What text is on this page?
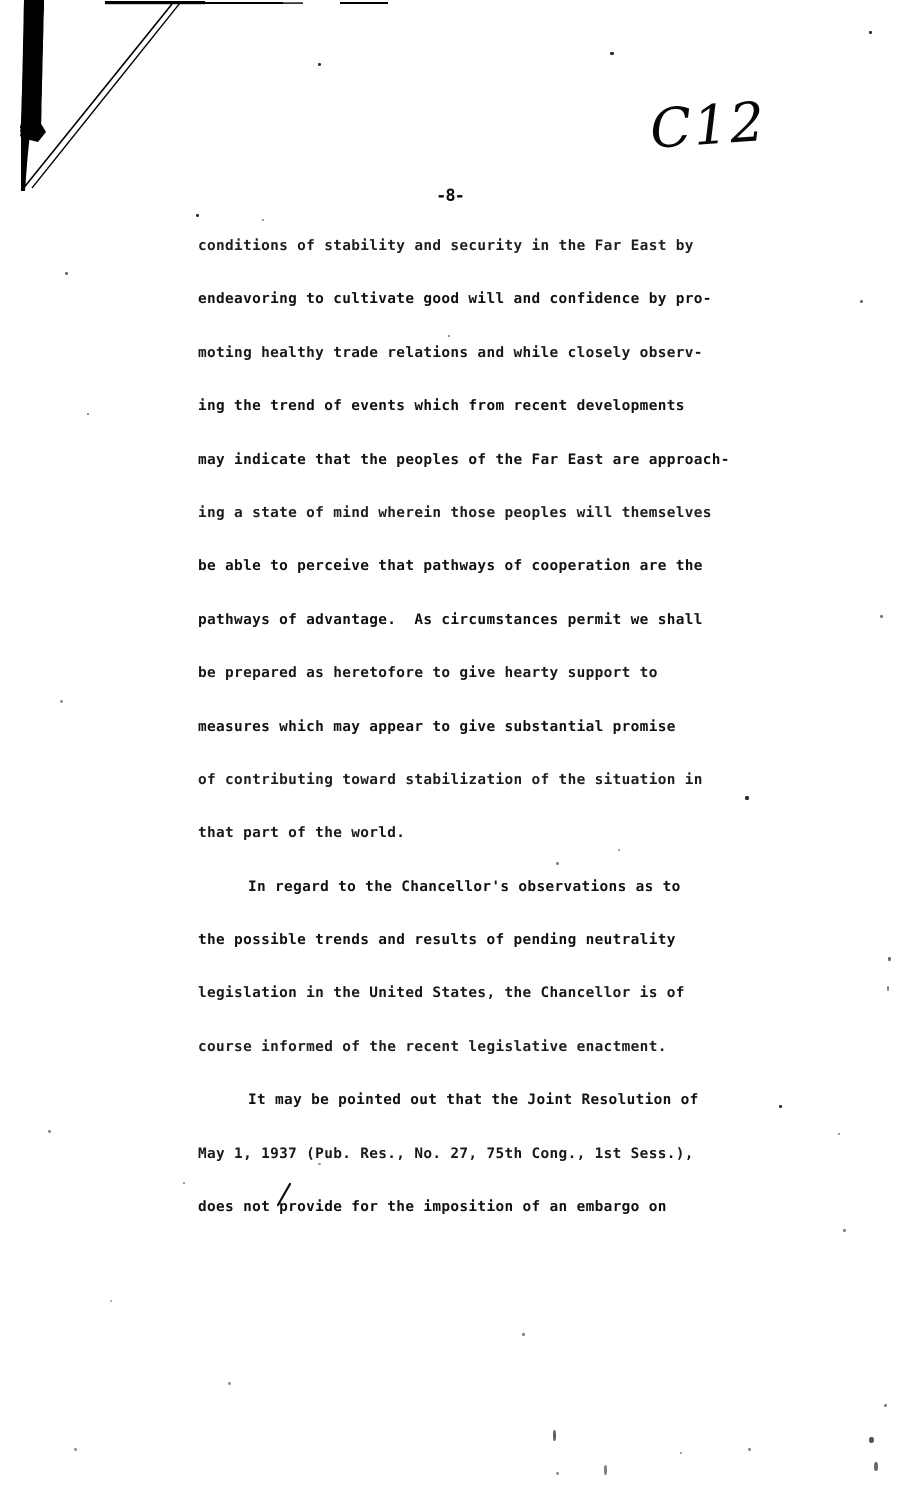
C12
-8-
conditions of stability and security in the Far East by
endeavoring to cultivate good will and confidence by pro-
moting healthy trade relations and while closely observ-
ing the trend of events which from recent developments
may indicate that the peoples of the Far East are approach-
ing a state of mind wherein those peoples will themselves
be able to perceive that pathways of cooperation are the
pathways of advantage.  As circumstances permit we shall
be prepared as heretofore to give hearty support to
measures which may appear to give substantial promise
of contributing toward stabilization of the situation in
that part of the world.
In regard to the Chancellor's observations as to
the possible trends and results of pending neutrality
legislation in the United States, the Chancellor is of
course informed of the recent legislative enactment.
It may be pointed out that the Joint Resolution of
May 1, 1937 (Pub. Res., No. 27, 75th Cong., 1st Sess.),
does not provide for the imposition of an embargo on
